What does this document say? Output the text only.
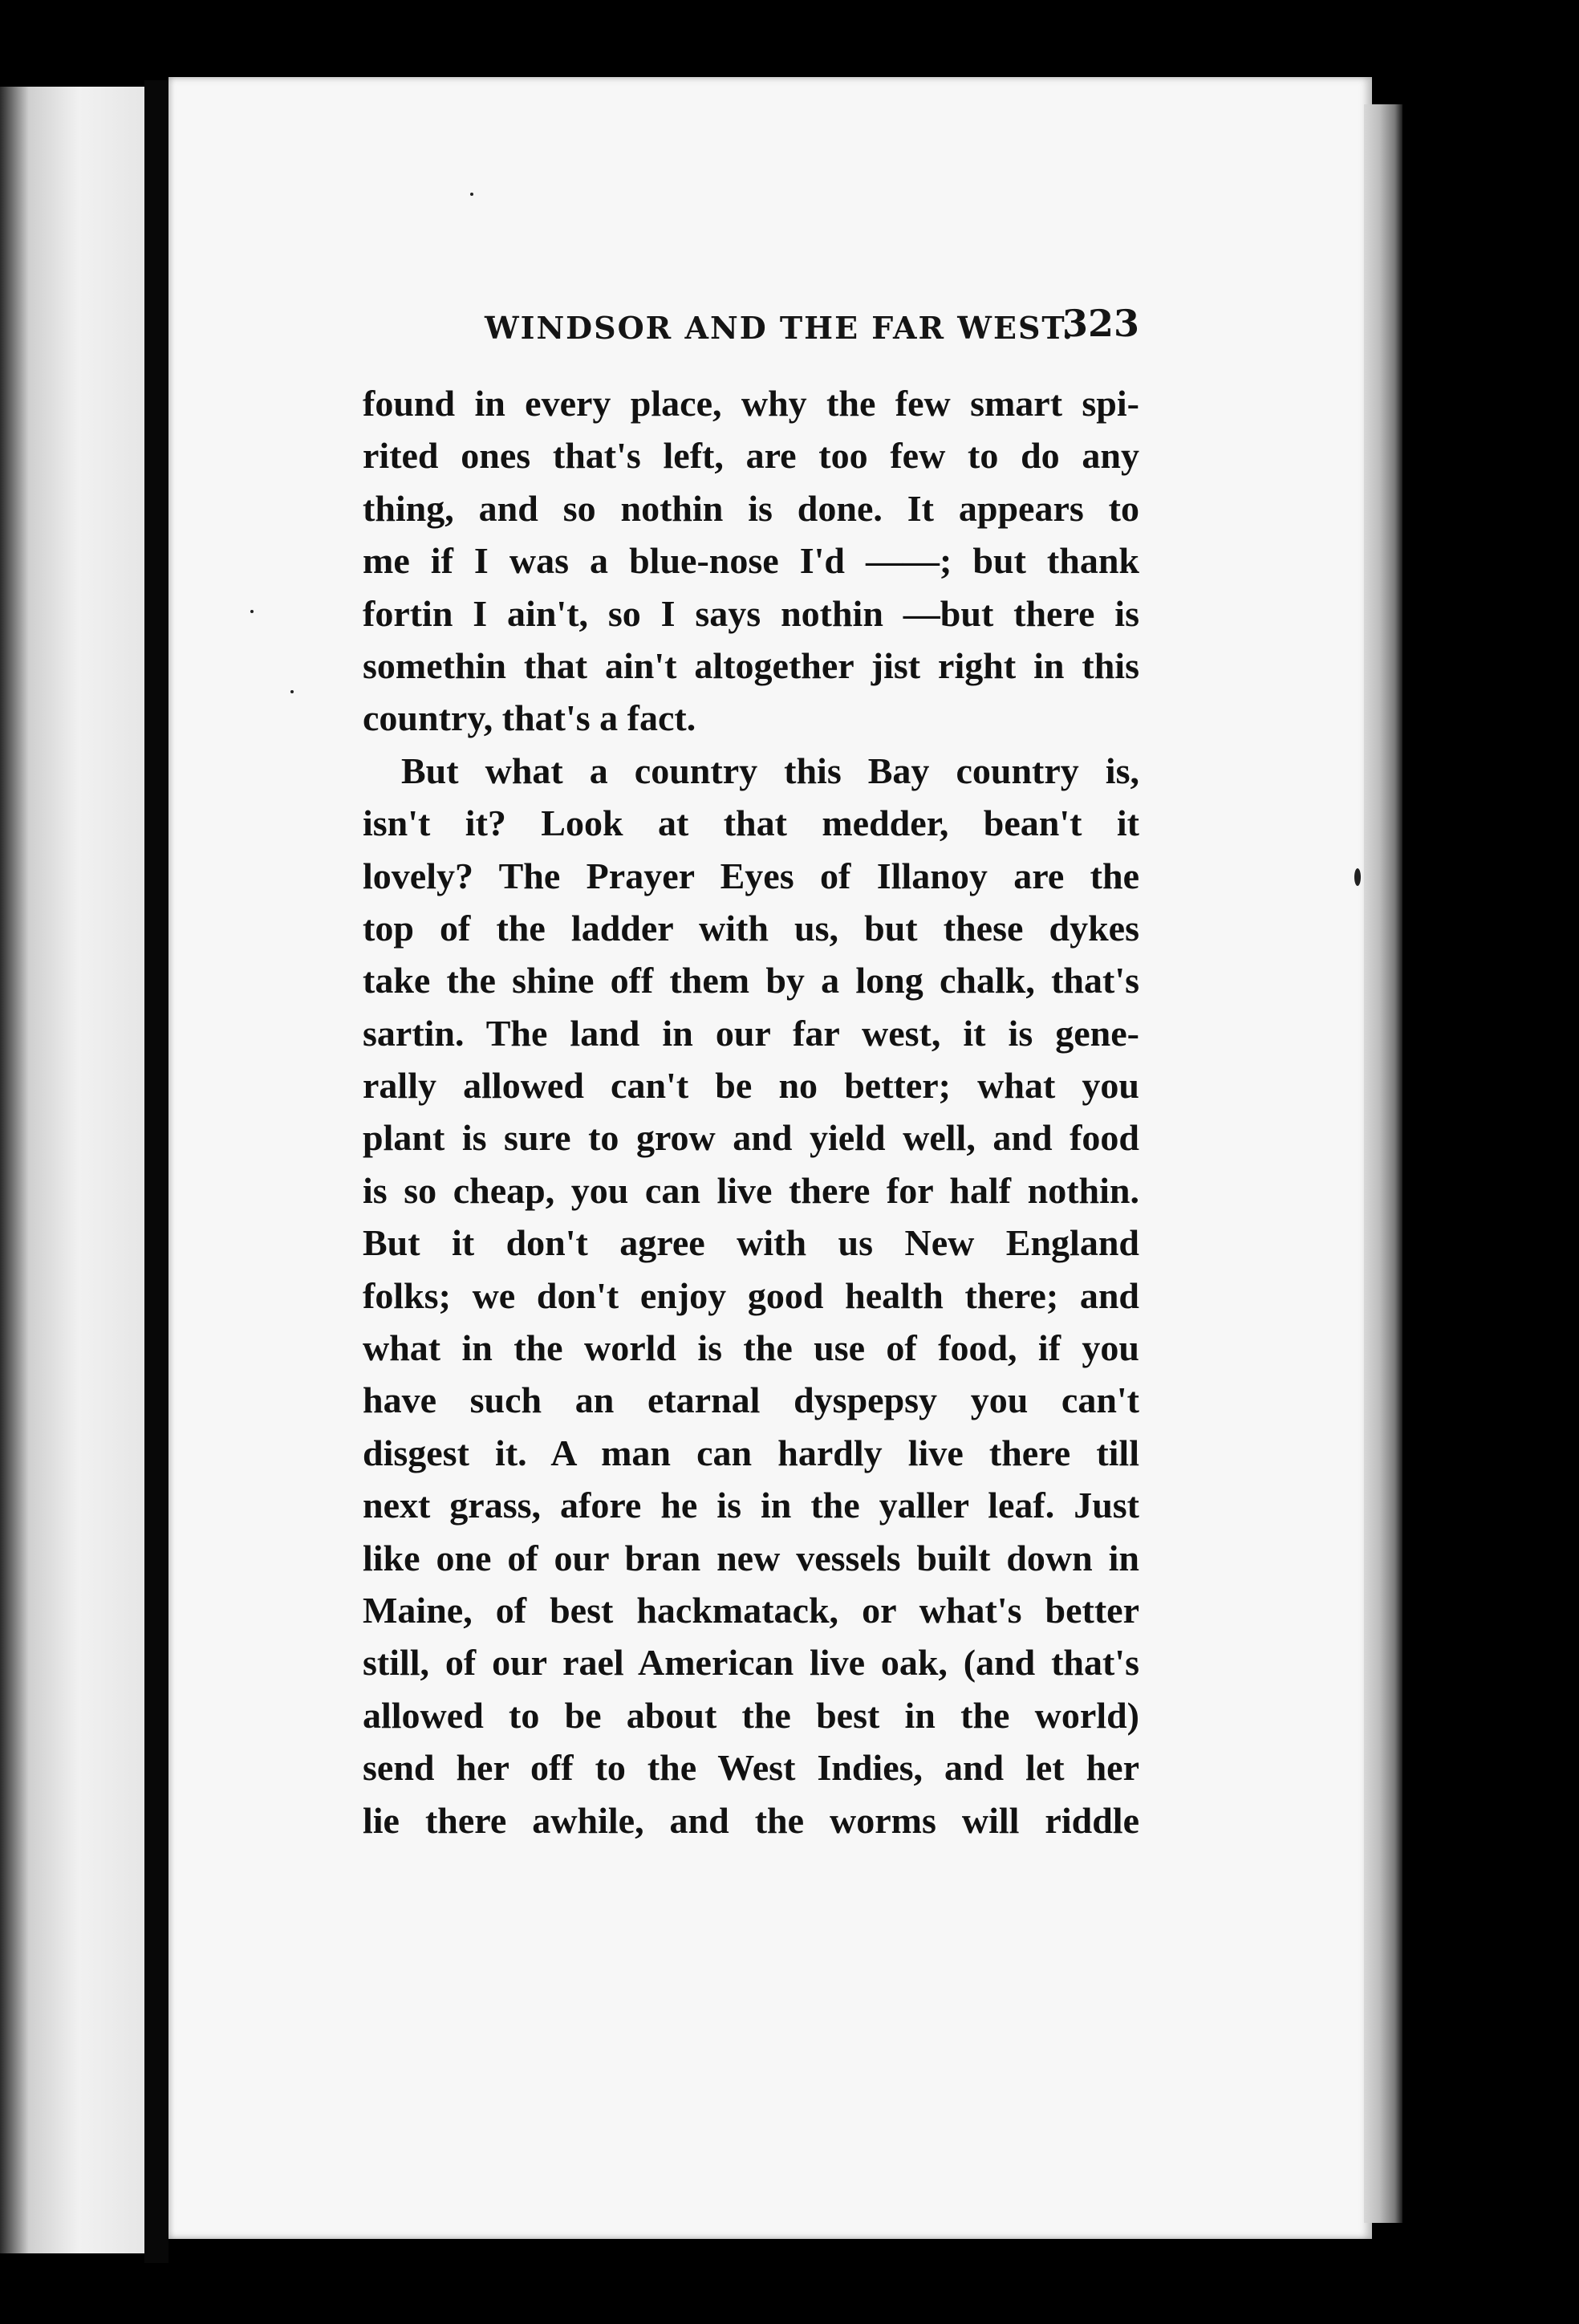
WINDSOR AND THE FAR WEST.
323
found in every place, why the few smart spi-
rited ones that's left, are too few to do any
thing, and so nothin is done. It appears to
me if I was a blue-nose I'd ——; but thank
fortin I ain't, so I says nothin —but there is
somethin that ain't altogether jist right in this
country, that's a fact.
But what a country this Bay country is,
isn't it? Look at that medder, bean't it
lovely? The Prayer Eyes of Illanoy are the
top of the ladder with us, but these dykes
take the shine off them by a long chalk, that's
sartin. The land in our far west, it is gene-
rally allowed can't be no better; what you
plant is sure to grow and yield well, and food
is so cheap, you can live there for half nothin.
But it don't agree with us New England
folks; we don't enjoy good health there; and
what in the world is the use of food, if you
have such an etarnal dyspepsy you can't
disgest it. A man can hardly live there till
next grass, afore he is in the yaller leaf. Just
like one of our bran new vessels built down in
Maine, of best hackmatack, or what's better
still, of our rael American live oak, (and that's
allowed to be about the best in the world)
send her off to the West Indies, and let her
lie there awhile, and the worms will riddle
